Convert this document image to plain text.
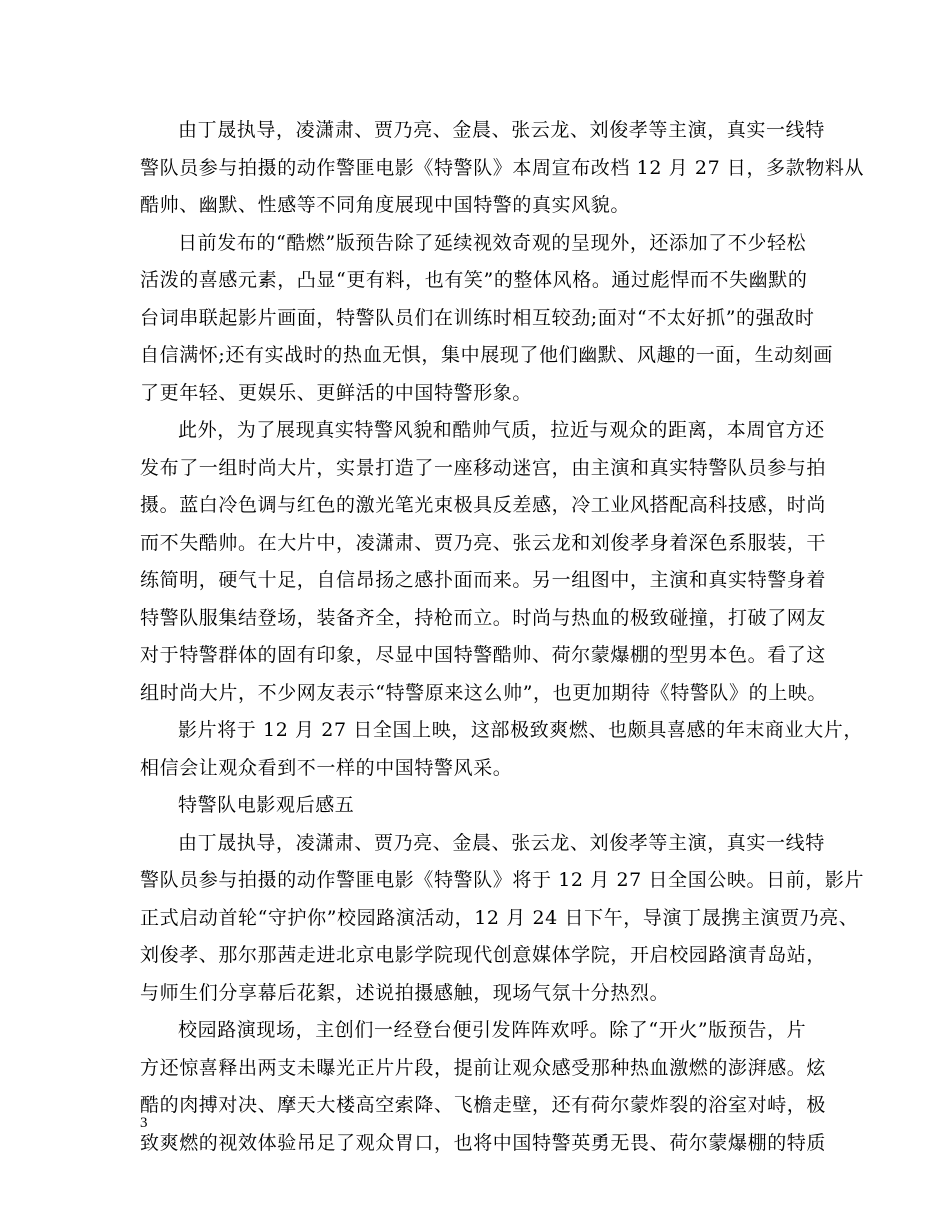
由丁晟执导，凌潇肃、贾乃亮、金晨、张云龙、刘俊孝等主演，真实一线特
警队员参与拍摄的动作警匪电影《特警队》本周宣布改档 12 月 27 日，多款物料从
酷帅、幽默、性感等不同角度展现中国特警的真实风貌。

日前发布的“酷燃”版预告除了延续视效奇观的呈现外，还添加了不少轻松
活泼的喜感元素，凸显“更有料，也有笑”的整体风格。通过彪悍而不失幽默的
台词串联起影片画面，特警队员们在训练时相互较劲;面对“不太好抓”的强敌时
自信满怀;还有实战时的热血无惧，集中展现了他们幽默、风趣的一面，生动刻画
了更年轻、更娱乐、更鲜活的中国特警形象。

此外，为了展现真实特警风貌和酷帅气质，拉近与观众的距离，本周官方还
发布了一组时尚大片，实景打造了一座移动迷宫，由主演和真实特警队员参与拍
摄。蓝白冷色调与红色的激光笔光束极具反差感，冷工业风搭配高科技感，时尚
而不失酷帅。在大片中，凌潇肃、贾乃亮、张云龙和刘俊孝身着深色系服装，干
练简明，硬气十足，自信昂扬之感扑面而来。另一组图中，主演和真实特警身着
特警队服集结登场，装备齐全，持枪而立。时尚与热血的极致碰撞，打破了网友
对于特警群体的固有印象，尽显中国特警酷帅、荷尔蒙爆棚的型男本色。看了这
组时尚大片，不少网友表示“特警原来这么帅”，也更加期待《特警队》的上映。

影片将于 12 月 27 日全国上映，这部极致爽燃、也颇具喜感的年末商业大片，
相信会让观众看到不一样的中国特警风采。

特警队电影观后感五

由丁晟执导，凌潇肃、贾乃亮、金晨、张云龙、刘俊孝等主演，真实一线特
警队员参与拍摄的动作警匪电影《特警队》将于 12 月 27 日全国公映。日前，影片
正式启动首轮“守护你”校园路演活动，12 月 24 日下午，导演丁晟携主演贾乃亮、
刘俊孝、那尔那茜走进北京电影学院现代创意媒体学院，开启校园路演青岛站，
与师生们分享幕后花絮，述说拍摄感触，现场气氛十分热烈。

校园路演现场，主创们一经登台便引发阵阵欢呼。除了“开火”版预告，片
方还惊喜释出两支未曝光正片片段，提前让观众感受那种热血激燃的澎湃感。炫
酷的肉搏对决、摩天大楼高空索降、飞檐走壁，还有荷尔蒙炸裂的浴室对峙，极
致爽燃的视效体验吊足了观众胃口，也将中国特警英勇无畏、荷尔蒙爆棚的特质

3
